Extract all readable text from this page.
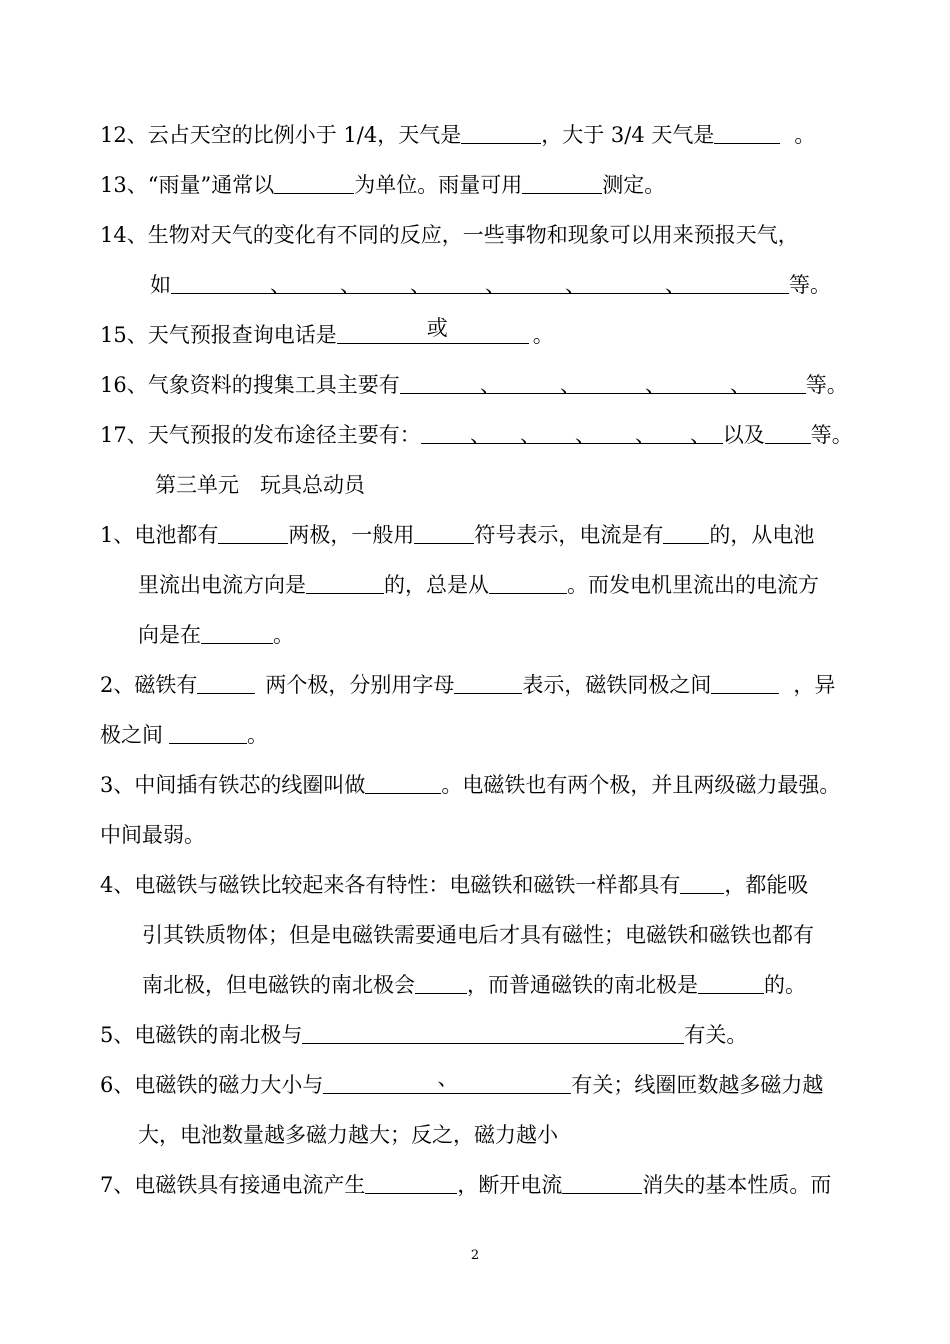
12、云占天空的比例小于 1/4，天气是	，大于 3/4 天气是	。
13、“雨量”通常以	为单位。雨量可用	测定。
14、生物对天气的变化有不同的反应，一些事物和现象可以用来预报天气，
如	等。
、 、 、	、	、	、
15、天气预报查询电话是	或	。
16、气象资料的搜集工具主要有	等。
、	、	、	、
17、天气预报的发布途径主要有：	以及 等。
、 、 、 、 、
第三单元　玩具总动员
1、电池都有	两极，一般用	符号表示，电流是有 的，从电池
里流出电流方向是	的，总是从	。而发电机里流出的电流方
向是在	。
2、磁铁有	两个极，分别用字母	表示，磁铁同极之间	，异
极之间	。
3、中间插有铁芯的线圈叫做	。电磁铁也有两个极，并且两级磁力最强。
中间最弱。
4、电磁铁与磁铁比较起来各有特性：电磁铁和磁铁一样都具有 ，都能吸
引其铁质物体；但是电磁铁需要通电后才具有磁性；电磁铁和磁铁也都有
南北极，但电磁铁的南北极会 ，而普通磁铁的南北极是	的。
5、电磁铁的南北极与	有关。
6、电磁铁的磁力大小与	、	有关；线圈匝数越多磁力越
大，电池数量越多磁力越大；反之，磁力越小
7、电磁铁具有接通电流产生	，断开电流	消失的基本性质。而
2
